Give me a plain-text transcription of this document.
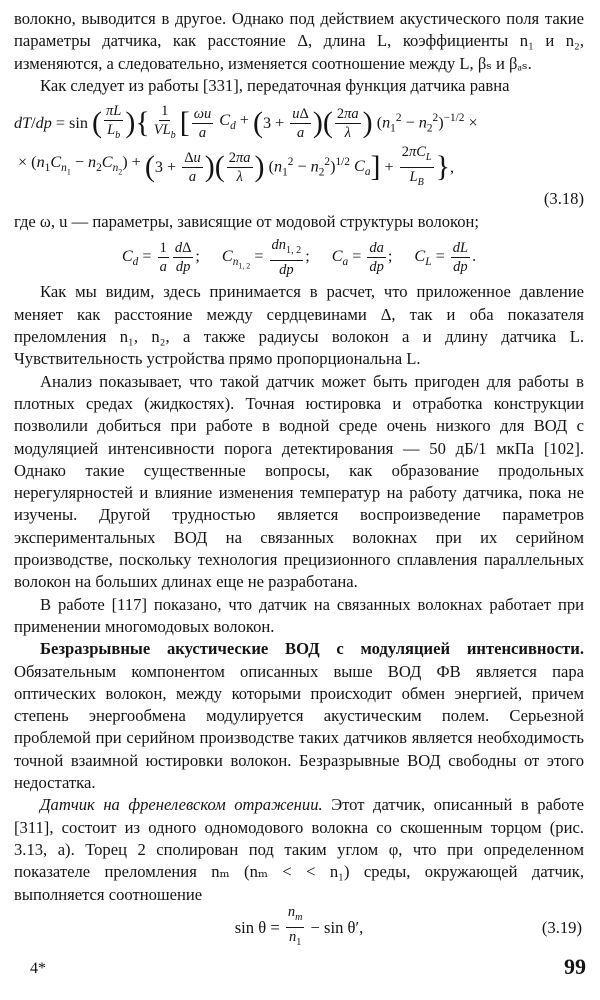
волокно, выводится в другое. Однако под действием акустического поля такие параметры датчика, как расстояние Δ, длина L, коэффициенты n₁ и n₂, изменяются, а следовательно, изменяется соотношение между L, βₛ и βₐₛ.

Как следует из работы [331], передаточная функция датчика равна

dT/dp = sin ( $\frac{\pi L}{L_b}$ ) { $\frac{1}{VL_b}$ [ $\frac{\omega u}{a} C_d$ + ( $3 + \frac{u\Delta}{a}$ ) ( $\frac{2\pi a}{\lambda}$ ) $(n_1^2 - n_2^2)^{-1/2}$ ×
× $(n_1C_{n_1} - n_2C_{n_2})$ + ( $3 + \frac{\Delta u}{a}$ ) ( $\frac{2\pi a}{\lambda}$ ) $(n_1^2 - n_2^2)^{1/2}$ $C_a$ ] + $\frac{2\pi C_L}{L_B}$ } ,
(3.18)

где ω, u — параметры, зависящие от модовой структуры волокон;

$C_d = \frac{1}{a} \frac{d\Delta}{dp}$ ; $C_{n_{1, 2}} = \frac{dn_{1, 2}}{dp}$ ; $C_a = \frac{da}{dp}$ ; $C_L = \frac{dL}{dp}$ .

Как мы видим, здесь принимается в расчет, что приложенное давление меняет как расстояние между сердцевинами Δ, так и оба показателя преломления n₁, n₂, а также радиусы волокон a и длину датчика L. Чувствительность устройства прямо пропорциональна L.

Анализ показывает, что такой датчик может быть пригоден для работы в плотных средах (жидкостях). Точная юстировка и отработка конструкции позволили добиться при работе в водной среде очень низкого для ВОД с модуляцией интенсивности порога детектирования — 50 дБ/1 мкПа [102]. Однако такие существенные вопросы, как образование продольных нерегулярностей и влияние изменения температур на работу датчика, пока не изучены. Другой трудностью является воспроизведение параметров экспериментальных ВОД на связанных волокнах при их серийном производстве, поскольку технология прецизионного сплавления параллельных волокон на больших длинах еще не разработана.

В работе [117] показано, что датчик на связанных волокнах работает при применении многомодовых волокон.

Безразрывные акустические ВОД с модуляцией интенсивности. Обязательным компонентом описанных выше ВОД ФВ является пара оптических волокон, между которыми происходит обмен энергией, причем степень энергообмена модулируется акустическим полем. Серьезной проблемой при серийном производстве таких датчиков является необходимость точной взаимной юстировки волокон. Безразрывные ВОД свободны от этого недостатка.

Датчик на френелевском отражении. Этот датчик, описанный в работе [311], состоит из одного одномодового волокна со скошенным торцом (рис. 3.13, a). Торец 2 сполирован под таким углом φ, что при определенном показателе преломления nₘ (nₘ < < n₁) среды, окружающей датчик, выполняется соотношение

$\sin \theta = \frac{n_m}{n_1} - \sin \theta'$,	(3.19)
4*	99
